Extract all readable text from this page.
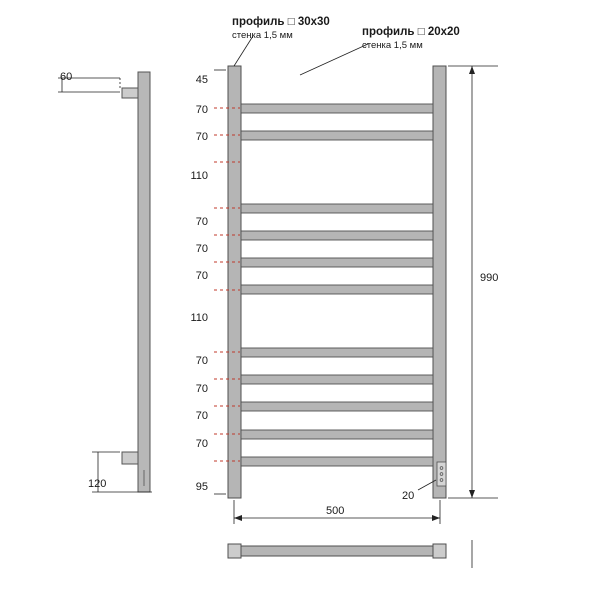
профиль □ 30x30
стенка 1,5 мм	профиль □ 20x20
стенка 1,5 мм
60
120
45
70
70
110
70
70
70
110
70
70
70
70
95
990
500
20
